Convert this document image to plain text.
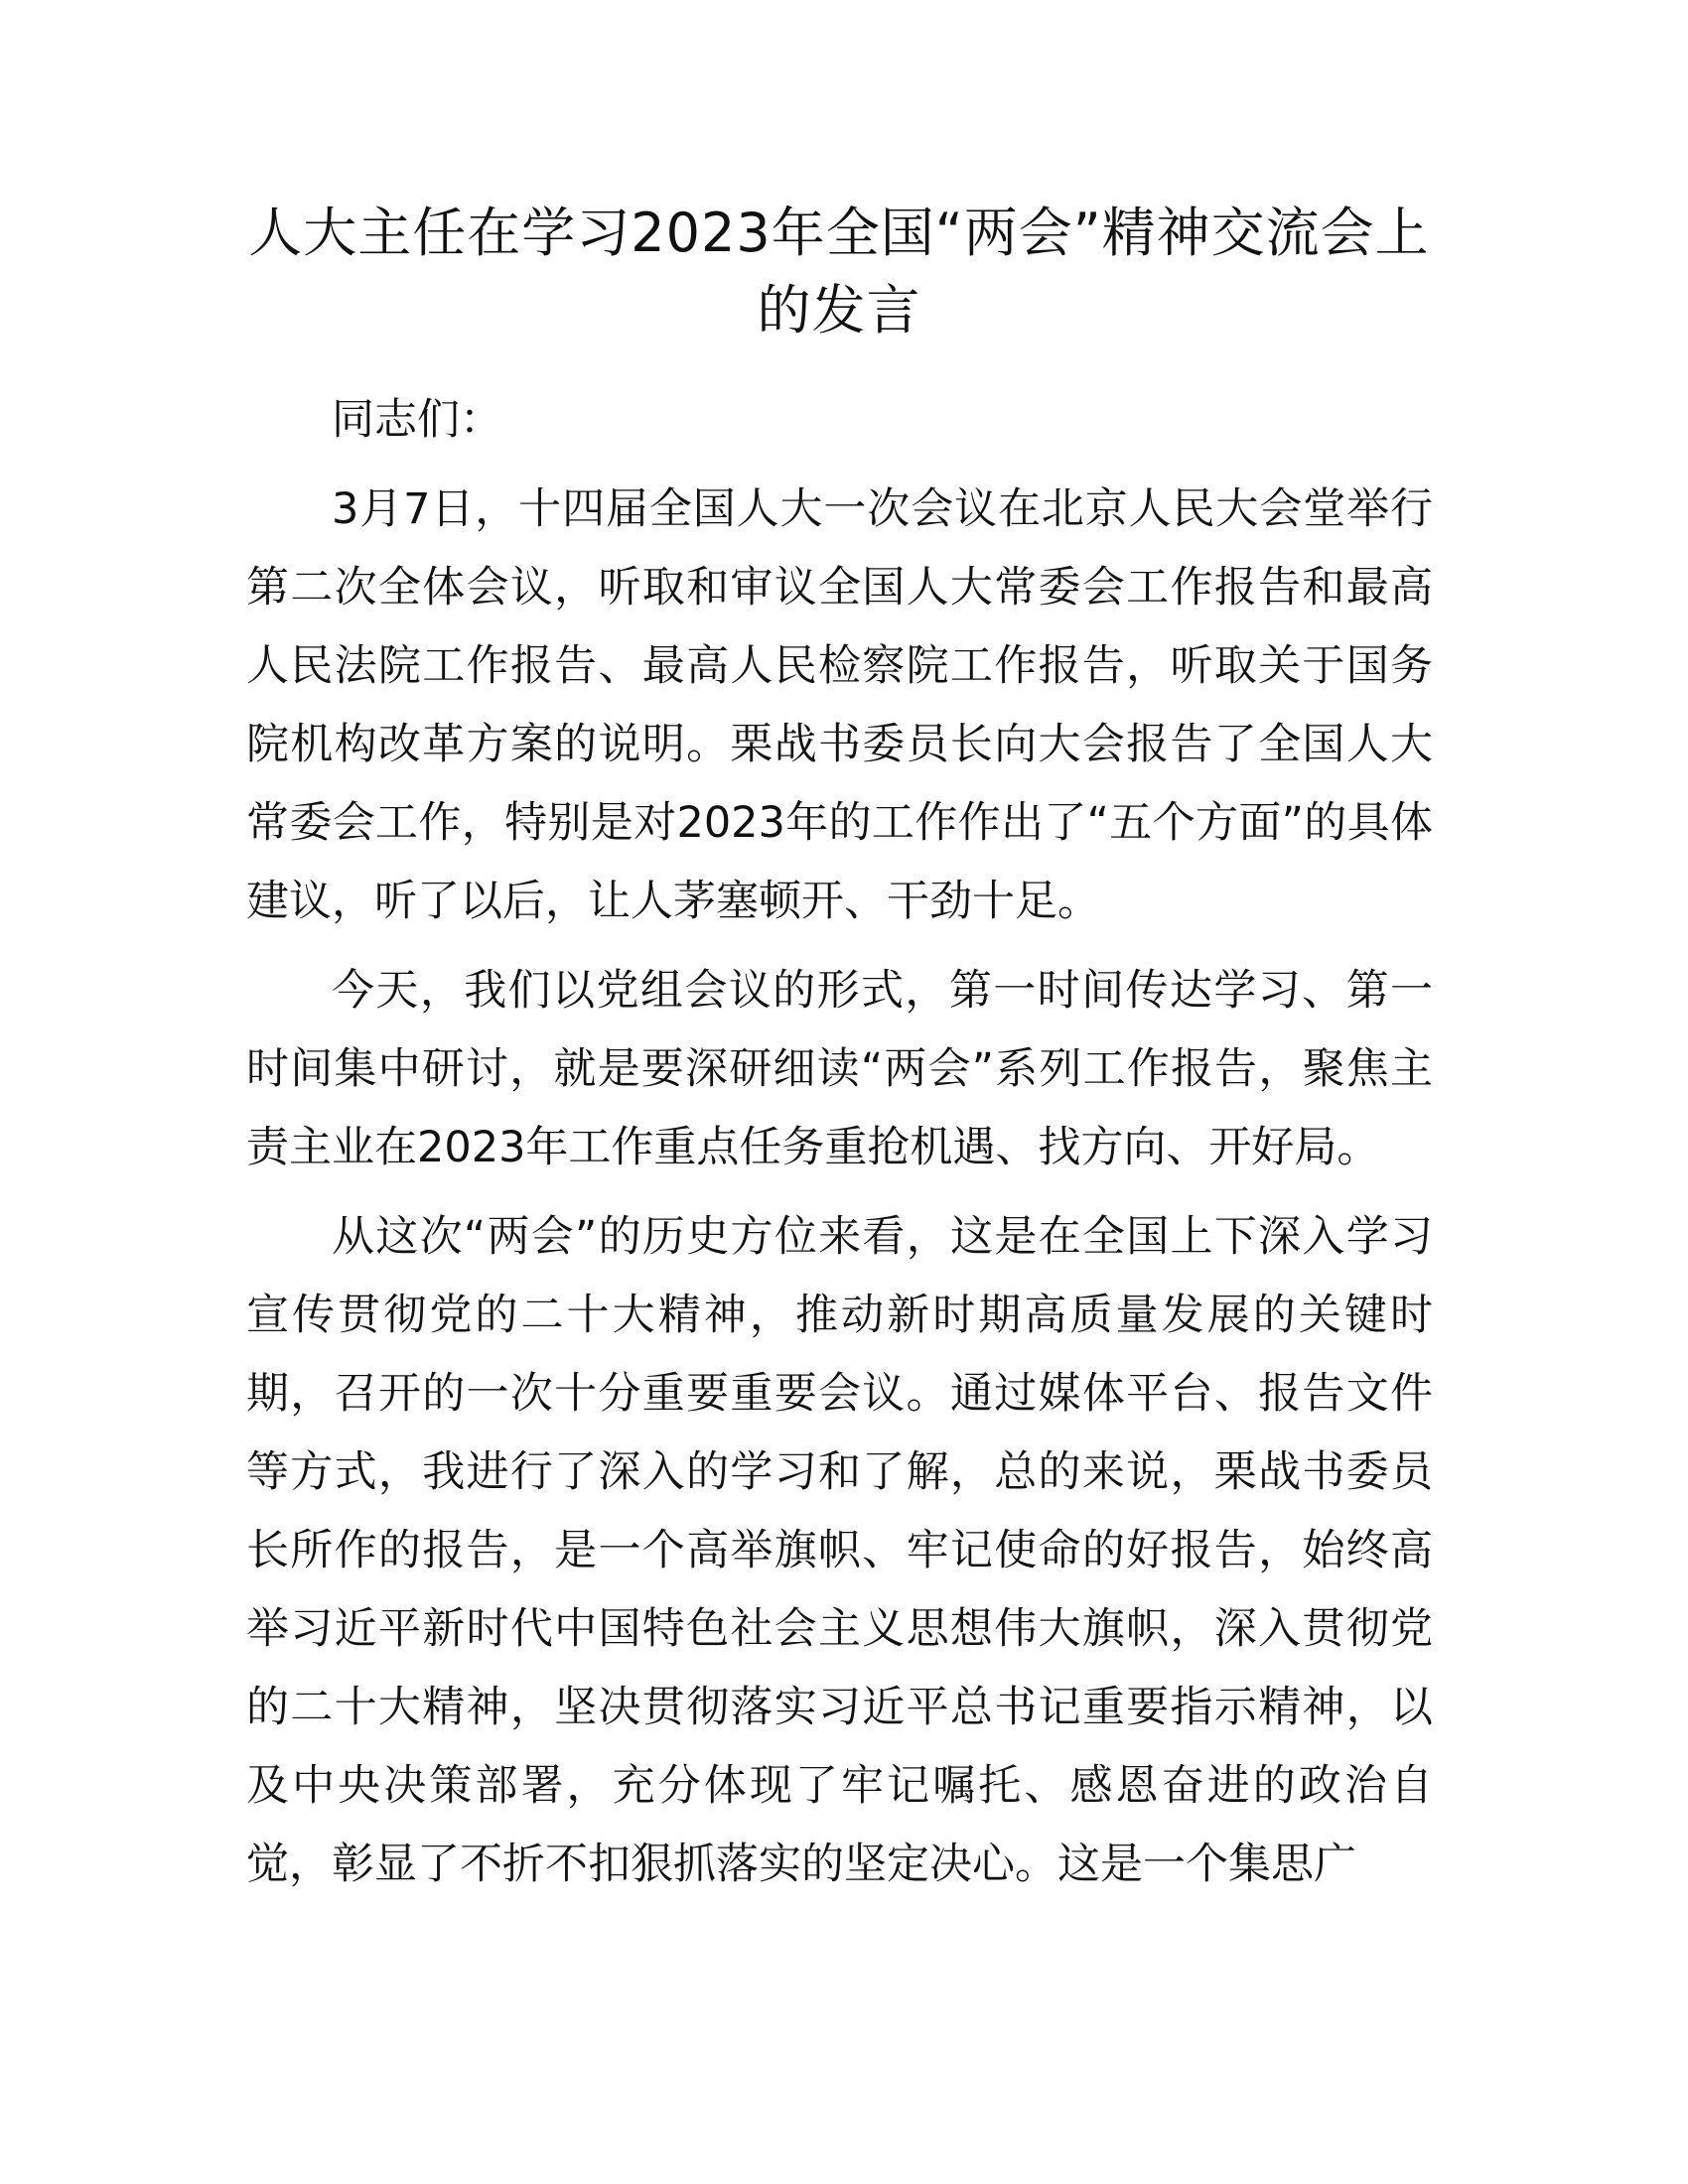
人大主任在学习2023年全国“两会”精神交流会上的发言

同志们：

3月7日，十四届全国人大一次会议在北京人民大会堂举行第二次全体会议，听取和审议全国人大常委会工作报告和最高人民法院工作报告、最高人民检察院工作报告，听取关于国务院机构改革方案的说明。栗战书委员长向大会报告了全国人大常委会工作，特别是对2023年的工作作出了“五个方面”的具体建议，听了以后，让人茅塞顿开、干劲十足。

今天，我们以党组会议的形式，第一时间传达学习、第一时间集中研讨，就是要深研细读“两会”系列工作报告，聚焦主责主业在2023年工作重点任务重抢机遇、找方向、开好局。

从这次“两会”的历史方位来看，这是在全国上下深入学习宣传贯彻党的二十大精神，推动新时期高质量发展的关键时期，召开的一次十分重要重要会议。通过媒体平台、报告文件等方式，我进行了深入的学习和了解，总的来说，栗战书委员长所作的报告，是一个高举旗帜、牢记使命的好报告，始终高举习近平新时代中国特色社会主义思想伟大旗帜，深入贯彻党的二十大精神，坚决贯彻落实习近平总书记重要指示精神，以及中央决策部署，充分体现了牢记嘱托、感恩奋进的政治自觉，彰显了不折不扣狠抓落实的坚定决心。这是一个集思广
